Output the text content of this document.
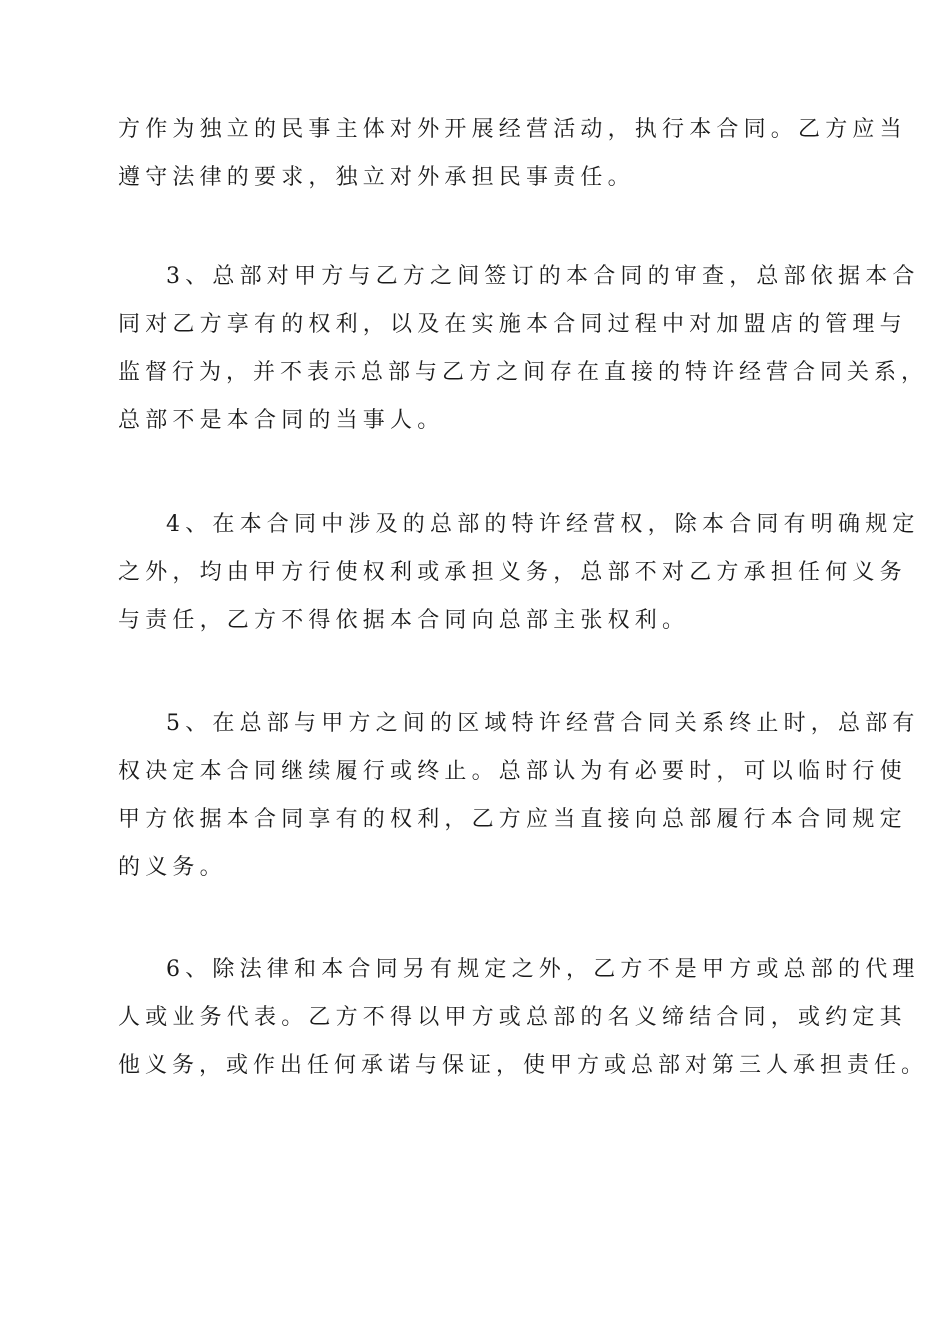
方作为独立的民事主体对外开展经营活动，执行本合同。乙方应当
遵守法律的要求，独立对外承担民事责任。
3、总部对甲方与乙方之间签订的本合同的审查，总部依据本合
同对乙方享有的权利，以及在实施本合同过程中对加盟店的管理与
监督行为，并不表示总部与乙方之间存在直接的特许经营合同关系，
总部不是本合同的当事人。
4、在本合同中涉及的总部的特许经营权，除本合同有明确规定
之外，均由甲方行使权利或承担义务，总部不对乙方承担任何义务
与责任，乙方不得依据本合同向总部主张权利。
5、在总部与甲方之间的区域特许经营合同关系终止时，总部有
权决定本合同继续履行或终止。总部认为有必要时，可以临时行使
甲方依据本合同享有的权利，乙方应当直接向总部履行本合同规定
的义务。
6、除法律和本合同另有规定之外，乙方不是甲方或总部的代理
人或业务代表。乙方不得以甲方或总部的名义缔结合同，或约定其
他义务，或作出任何承诺与保证，使甲方或总部对第三人承担责任。
